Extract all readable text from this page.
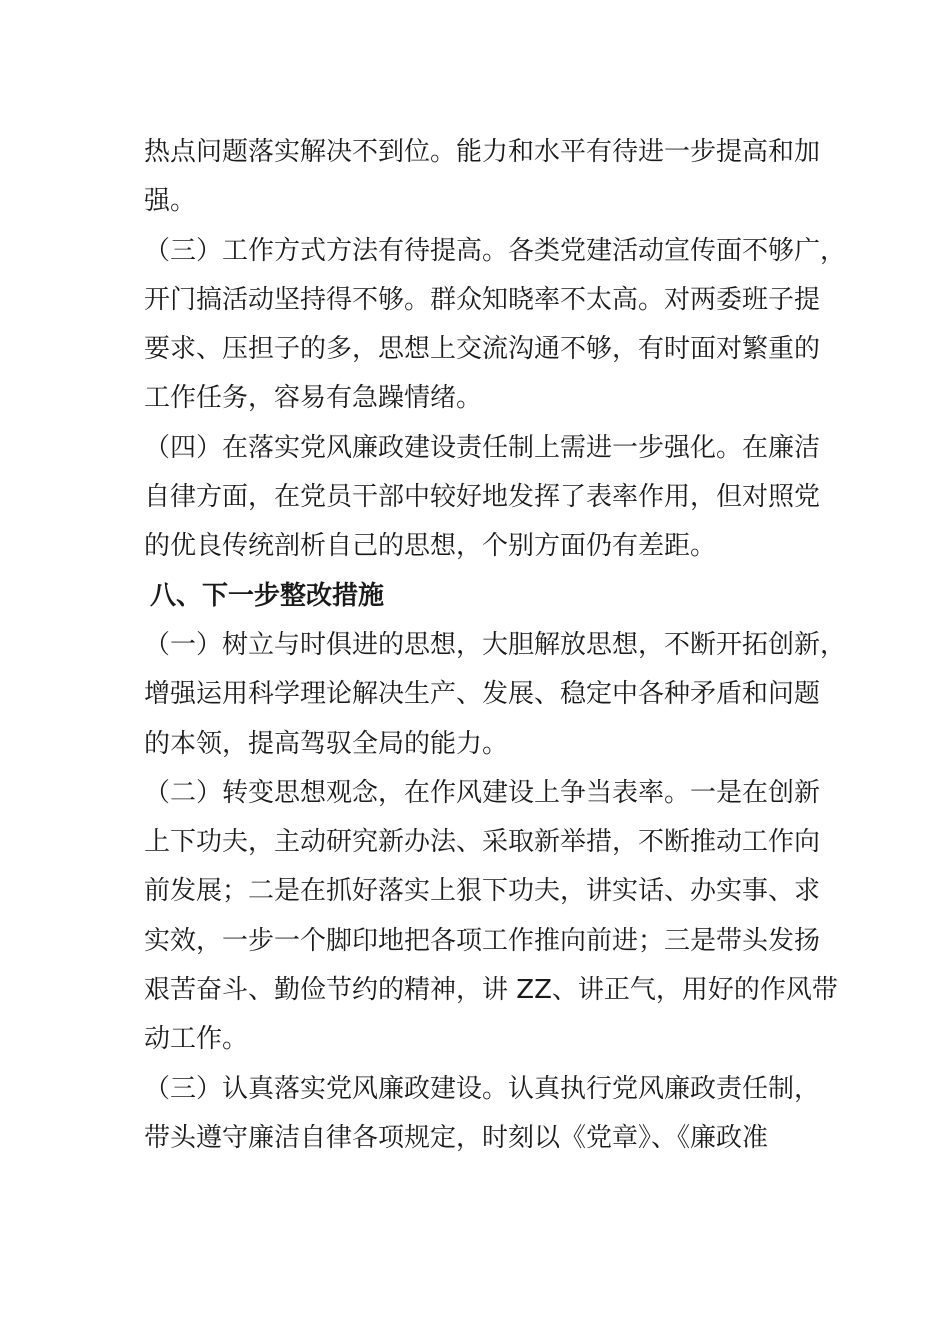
热点问题落实解决不到位。能力和水平有待进一步提高和加
强。
（三）工作方式方法有待提高。各类党建活动宣传面不够广，
开门搞活动坚持得不够。群众知晓率不太高。对两委班子提
要求、压担子的多，思想上交流沟通不够，有时面对繁重的
工作任务，容易有急躁情绪。
（四）在落实党风廉政建设责任制上需进一步强化。在廉洁
自律方面，在党员干部中较好地发挥了表率作用，但对照党
的优良传统剖析自己的思想，个别方面仍有差距。
八、下一步整改措施
（一）树立与时俱进的思想，大胆解放思想，不断开拓创新，
增强运用科学理论解决生产、发展、稳定中各种矛盾和问题
的本领，提高驾驭全局的能力。
（二）转变思想观念，在作风建设上争当表率。一是在创新
上下功夫，主动研究新办法、采取新举措，不断推动工作向
前发展；二是在抓好落实上狠下功夫，讲实话、办实事、求
实效，一步一个脚印地把各项工作推向前进；三是带头发扬
艰苦奋斗、勤俭节约的精神，讲 ZZ、讲正气，用好的作风带
动工作。
（三）认真落实党风廉政建设。认真执行党风廉政责任制，
带头遵守廉洁自律各项规定，时刻以《党章》、《廉政准
